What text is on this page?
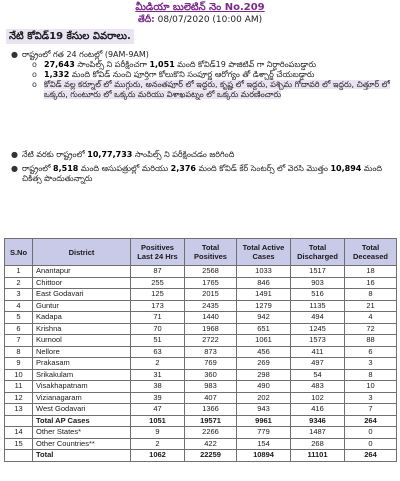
మీడియా బులెటిన్ నెం No.209
తేదీ: 08/07/2020 (10:00 AM)
నేటి కోవిడ్19 కేసుల వివరాలు.
● రాష్ట్రంలో గత 24 గంటల్లో (9AM-9AM)
o 27,643 సాంపిల్స్ ని పరీక్షించగా 1,051 మంది కోవిడ్19 పాజిటివ్ గా నిర్ధారింపబడ్డారు
o 1,332 మంది కోవిడ్ నుంచి పూర్తిగా కోలుకొని సంపూర్ణ ఆరోగ్యం తో డిశ్చార్జ్ చేయబడ్డారు
o కోవిడ్ వల్ల కర్నూల్ లో ముగ్గురు, అనంతపూర్ లో ఇద్దరు, కృష్ణ లో ఇద్దరు, పశ్చిమ గోదావరి లో ఇద్దరు, చిత్తూర్ లో ఒక్కరు, గుంటూరు లో ఒక్కరు మరియు విశాఖపట్నం లో ఒక్కరు మరణించారు
● నేటి వరకు రాష్ట్రంలో 10,77,733 సాంపిల్స్ ని పరీక్షించడం జరిగింది
● రాష్ట్రంలో 8,518 మంది ఆసుపత్రుల్లో మరియు 2,376 మంది కోవిడ్ కేర్ సెంటర్స్ లో వెరసి మొత్తం 10,894 మంది చికిత్స పొందుతున్నారు
S.No	District	Positives Last 24 Hrs	Total Positives	Total Active Cases	Total Discharged	Total Deceased
1	Anantapur	87	2568	1033	1517	18
2	Chittoor	255	1765	846	903	16
3	East Godavari	125	2015	1491	516	8
4	Guntur	173	2435	1279	1135	21
5	Kadapa	71	1440	942	494	4
6	Krishna	70	1968	651	1245	72
7	Kurnool	51	2722	1061	1573	88
8	Nellore	63	873	456	411	6
9	Prakasam	2	769	269	497	3
10	Srikakulam	31	360	298	54	8
11	Visakhapatnam	38	983	490	483	10
12	Vizianagaram	39	407	202	102	3
13	West Godavari	47	1366	943	416	7
	Total AP Cases	1051	19571	9961	9346	264
14	Other States*	9	2266	779	1487	0
15	Other Countries**	2	422	154	268	0
	Total	1062	22259	10894	11101	264
